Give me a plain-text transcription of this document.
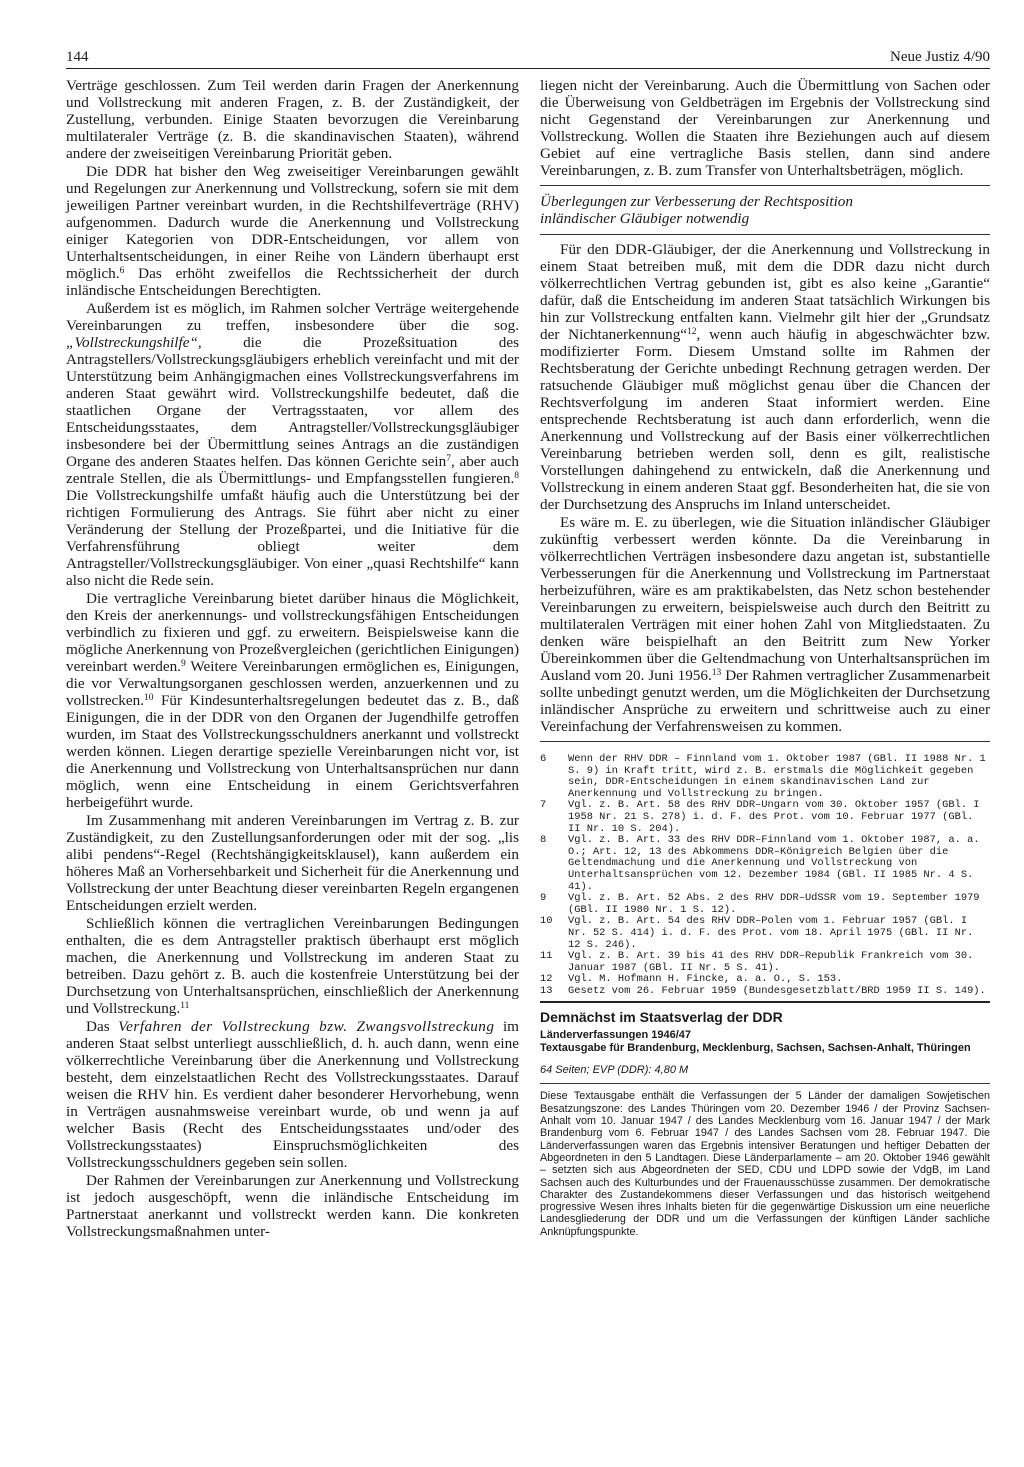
144	Neue Justiz 4/90

Verträge geschlossen. Zum Teil werden darin Fragen der Anerkennung und Vollstreckung mit anderen Fragen, z. B. der Zuständigkeit, der Zustellung, verbunden. Einige Staaten bevorzugen die Vereinbarung multilateraler Verträge (z. B. die skandinavischen Staaten), während andere der zweiseitigen Vereinbarung Priorität geben.

Die DDR hat bisher den Weg zweiseitiger Vereinbarungen gewählt und Regelungen zur Anerkennung und Vollstreckung, sofern sie mit dem jeweiligen Partner vereinbart wurden, in die Rechtshilfeverträge (RHV) aufgenommen. Dadurch wurde die Anerkennung und Vollstreckung einiger Kategorien von DDR-Entscheidungen, vor allem von Unterhaltsentscheidungen, in einer Reihe von Ländern überhaupt erst möglich.$^6$ Das erhöht zweifellos die Rechtssicherheit der durch inländische Entscheidungen Berechtigten.

Außerdem ist es möglich, im Rahmen solcher Verträge weitergehende Vereinbarungen zu treffen, insbesondere über die sog. „Vollstreckungshilfe“, die die Prozeßsituation des Antragstellers/Vollstreckungsgläubigers erheblich vereinfacht und mit der Unterstützung beim Anhängigmachen eines Vollstreckungsverfahrens im anderen Staat gewährt wird. Vollstreckungshilfe bedeutet, daß die staatlichen Organe der Vertragsstaaten, vor allem des Entscheidungsstaates, dem Antragsteller/Vollstreckungsgläubiger insbesondere bei der Übermittlung seines Antrags an die zuständigen Organe des anderen Staates helfen. Das können Gerichte sein$^7$, aber auch zentrale Stellen, die als Übermittlungs- und Empfangsstellen fungieren.$^8$ Die Vollstreckungshilfe umfaßt häufig auch die Unterstützung bei der richtigen Formulierung des Antrags. Sie führt aber nicht zu einer Veränderung der Stellung der Prozeßpartei, und die Initiative für die Verfahrensführung obliegt weiter dem Antragsteller/Vollstreckungsgläubiger. Von einer „quasi Rechtshilfe“ kann also nicht die Rede sein.

Die vertragliche Vereinbarung bietet darüber hinaus die Möglichkeit, den Kreis der anerkennungs- und vollstreckungsfähigen Entscheidungen verbindlich zu fixieren und ggf. zu erweitern. Beispielsweise kann die mögliche Anerkennung von Prozeßvergleichen (gerichtlichen Einigungen) vereinbart werden.$^9$ Weitere Vereinbarungen ermöglichen es, Einigungen, die vor Verwaltungsorganen geschlossen werden, anzuerkennen und zu vollstrecken.$^{10}$ Für Kindesunterhaltsregelungen bedeutet das z. B., daß Einigungen, die in der DDR von den Organen der Jugendhilfe getroffen wurden, im Staat des Vollstreckungsschuldners anerkannt und vollstreckt werden können. Liegen derartige spezielle Vereinbarungen nicht vor, ist die Anerkennung und Vollstreckung von Unterhaltsansprüchen nur dann möglich, wenn eine Entscheidung in einem Gerichtsverfahren herbeigeführt wurde.

Im Zusammenhang mit anderen Vereinbarungen im Vertrag z. B. zur Zuständigkeit, zu den Zustellungsanforderungen oder mit der sog. „lis alibi pendens“-Regel (Rechtshängigkeitsklausel), kann außerdem ein höheres Maß an Vorhersehbarkeit und Sicherheit für die Anerkennung und Vollstreckung der unter Beachtung dieser vereinbarten Regeln ergangenen Entscheidungen erzielt werden.

Schließlich können die vertraglichen Vereinbarungen Bedingungen enthalten, die es dem Antragsteller praktisch überhaupt erst möglich machen, die Anerkennung und Vollstreckung im anderen Staat zu betreiben. Dazu gehört z. B. auch die kostenfreie Unterstützung bei der Durchsetzung von Unterhaltsansprüchen, einschließlich der Anerkennung und Vollstreckung.$^{11}$

Das Verfahren der Vollstreckung bzw. Zwangsvollstreckung im anderen Staat selbst unterliegt ausschließlich, d. h. auch dann, wenn eine völkerrechtliche Vereinbarung über die Anerkennung und Vollstreckung besteht, dem einzelstaatlichen Recht des Vollstreckungsstaates. Darauf weisen die RHV hin. Es verdient daher besonderer Hervorhebung, wenn in Verträgen ausnahmsweise vereinbart wurde, ob und wenn ja auf welcher Basis (Recht des Entscheidungsstaates und/oder des Vollstreckungsstaates) Einspruchsmöglichkeiten des Vollstreckungsschuldners gegeben sein sollen.

Der Rahmen der Vereinbarungen zur Anerkennung und Vollstreckung ist jedoch ausgeschöpft, wenn die inländische Entscheidung im Partnerstaat anerkannt und vollstreckt werden kann. Die konkreten Vollstreckungsmaßnahmen unter-

liegen nicht der Vereinbarung. Auch die Übermittlung von Sachen oder die Überweisung von Geldbeträgen im Ergebnis der Vollstreckung sind nicht Gegenstand der Vereinbarungen zur Anerkennung und Vollstreckung. Wollen die Staaten ihre Beziehungen auch auf diesem Gebiet auf eine vertragliche Basis stellen, dann sind andere Vereinbarungen, z. B. zum Transfer von Unterhaltsbeträgen, möglich.

Überlegungen zur Verbesserung der Rechtsposition
inländischer Gläubiger notwendig

Für den DDR-Gläubiger, der die Anerkennung und Vollstreckung in einem Staat betreiben muß, mit dem die DDR dazu nicht durch völkerrechtlichen Vertrag gebunden ist, gibt es also keine „Garantie“ dafür, daß die Entscheidung im anderen Staat tatsächlich Wirkungen bis hin zur Vollstreckung entfalten kann. Vielmehr gilt hier der „Grundsatz der Nichtanerkennung“$^{12}$, wenn auch häufig in abgeschwächter bzw. modifizierter Form. Diesem Umstand sollte im Rahmen der Rechtsberatung der Gerichte unbedingt Rechnung getragen werden. Der ratsuchende Gläubiger muß möglichst genau über die Chancen der Rechtsverfolgung im anderen Staat informiert werden. Eine entsprechende Rechtsberatung ist auch dann erforderlich, wenn die Anerkennung und Vollstreckung auf der Basis einer völkerrechtlichen Vereinbarung betrieben werden soll, denn es gilt, realistische Vorstellungen dahingehend zu entwickeln, daß die Anerkennung und Vollstreckung in einem anderen Staat ggf. Besonderheiten hat, die sie von der Durchsetzung des Anspruchs im Inland unterscheidet.

Es wäre m. E. zu überlegen, wie die Situation inländischer Gläubiger zukünftig verbessert werden könnte. Da die Vereinbarung in völkerrechtlichen Verträgen insbesondere dazu angetan ist, substantielle Verbesserungen für die Anerkennung und Vollstreckung im Partnerstaat herbeizuführen, wäre es am praktikabelsten, das Netz schon bestehender Vereinbarungen zu erweitern, beispielsweise auch durch den Beitritt zu multilateralen Verträgen mit einer hohen Zahl von Mitgliedstaaten. Zu denken wäre beispielhaft an den Beitritt zum New Yorker Übereinkommen über die Geltendmachung von Unterhaltsansprüchen im Ausland vom 20. Juni 1956.13 Der Rahmen vertraglicher Zusammenarbeit sollte unbedingt genutzt werden, um die Möglichkeiten der Durchsetzung inländischer Ansprüche zu erweitern und schrittweise auch zu einer Vereinfachung der Verfahrensweisen zu kommen.

6	Wenn der RHV DDR – Finnland vom 1. Oktober 1987 (GBl. II 1988 Nr. 1 S. 9) in Kraft tritt, wird z. B. erstmals die Möglichkeit gegeben sein, DDR-Entscheidungen in einem skandinavischen Land zur Anerkennung und Vollstreckung zu bringen.
7	Vgl. z. B. Art. 58 des RHV DDR–Ungarn vom 30. Oktober 1957 (GBl. I 1958 Nr. 21 S. 278) i. d. F. des Prot. vom 10. Februar 1977 (GBl. II Nr. 10 S. 204).
8	Vgl. z. B. Art. 33 des RHV DDR–Finnland vom 1. Oktober 1987, a. a. O.; Art. 12, 13 des Abkommens DDR–Königreich Belgien über die Geltendmachung und die Anerkennung und Vollstreckung von Unterhaltsansprüchen vom 12. Dezember 1984 (GBl. II 1985 Nr. 4 S. 41).
9	Vgl. z. B. Art. 52 Abs. 2 des RHV DDR–UdSSR vom 19. September 1979 (GBl. II 1980 Nr. 1 S. 12).
10	Vgl. z. B. Art. 54 des RHV DDR–Polen vom 1. Februar 1957 (GBl. I Nr. 52 S. 414) i. d. F. des Prot. vom 18. April 1975 (GBl. II Nr. 12 S. 246).
11	Vgl. z. B. Art. 39 bis 41 des RHV DDR–Republik Frankreich vom 30. Januar 1987 (GBl. II Nr. 5 S. 41).
12	Vgl. M. Hofmann H. Fincke, a. a. O., S. 153.
13	Gesetz vom 26. Februar 1959 (Bundesgesetzblatt/BRD 1959 II S. 149).
Demnächst im Staatsverlag der DDR
Länderverfassungen 1946/47
Textausgabe für Brandenburg, Mecklenburg, Sachsen, Sachsen-Anhalt, Thüringen
64 Seiten; EVP (DDR): 4,80 M

Diese Textausgabe enthält die Verfassungen der 5 Länder der damaligen Sowjetischen Besatzungszone: des Landes Thüringen vom 20. Dezember 1946 / der Provinz Sachsen-Anhalt vom 10. Januar 1947 / des Landes Mecklenburg vom 16. Januar 1947 / der Mark Brandenburg vom 6. Februar 1947 / des Landes Sachsen vom 28. Februar 1947. Die Länderverfassungen waren das Ergebnis intensiver Beratungen und heftiger Debatten der Abgeordneten in den 5 Landtagen. Diese Länderparlamente – am 20. Oktober 1946 gewählt – setzten sich aus Abgeordneten der SED, CDU und LDPD sowie der VdgB, im Land Sachsen auch des Kulturbundes und der Frauenausschüsse zusammen. Der demokratische Charakter des Zustandekommens dieser Verfassungen und das historisch weitgehend progressive Wesen ihres Inhalts bieten für die gegenwärtige Diskussion um eine neuerliche Landesgliederung der DDR und um die Verfassungen der künftigen Länder sachliche Anknüpfungspunkte.
